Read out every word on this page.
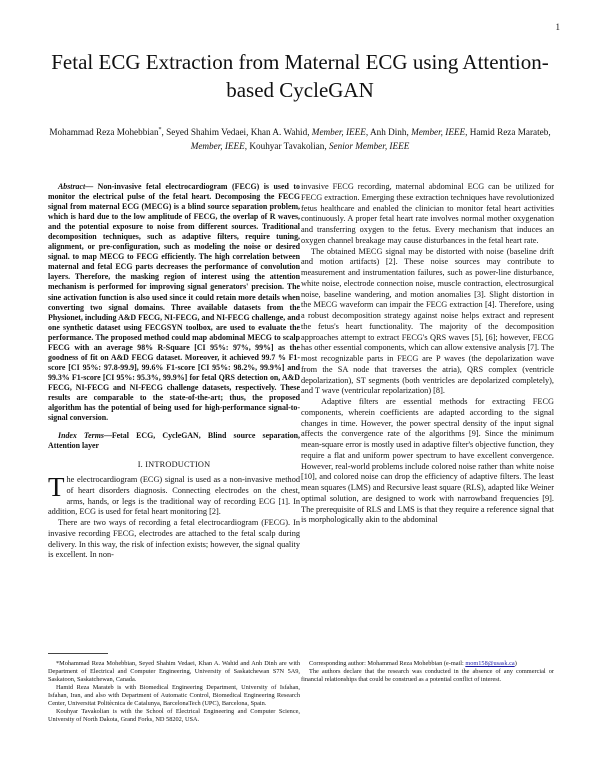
1
Fetal ECG Extraction from Maternal ECG using Attention-based CycleGAN
Mohammad Reza Mohebbian*, Seyed Shahim Vedaei, Khan A. Wahid, Member, IEEE, Anh Dinh, Member, IEEE, Hamid Reza Marateb, Member, IEEE, Kouhyar Tavakolian, Senior Member, IEEE

Abstract— Non-invasive fetal electrocardiogram (FECG) is used to monitor the electrical pulse of the fetal heart. Decomposing the FECG signal from maternal ECG (MECG) is a blind source separation problem, which is hard due to the low amplitude of FECG, the overlap of R waves, and the potential exposure to noise from different sources. Traditional decomposition techniques, such as adaptive filters, require tuning, alignment, or pre-configuration, such as modeling the noise or desired signal. to map MECG to FECG efficiently. The high correlation between maternal and fetal ECG parts decreases the performance of convolution layers. Therefore, the masking region of interest using the attention mechanism is performed for improving signal generators' precision. The sine activation function is also used since it could retain more details when converting two signal domains. Three available datasets from the Physionet, including A&D FECG, NI-FECG, and NI-FECG challenge, and one synthetic dataset using FECGSYN toolbox, are used to evaluate the performance. The proposed method could map abdominal MECG to scalp FECG with an average 98% R-Square [CI 95%: 97%, 99%] as the goodness of fit on A&D FECG dataset. Moreover, it achieved 99.7 % F1-score [CI 95%: 97.8-99.9], 99.6% F1-score [CI 95%: 98.2%, 99.9%] and 99.3% F1-score [CI 95%: 95.3%, 99.9%] for fetal QRS detection on, A&D FECG, NI-FECG and NI-FECG challenge datasets, respectively. These results are comparable to the state-of-the-art; thus, the proposed algorithm has the potential of being used for high-performance signal-to-signal conversion.

Index Terms—Fetal ECG, CycleGAN, Blind source separation, Attention layer

I. INTRODUCTION

The electrocardiogram (ECG) signal is used as a non-invasive method of heart disorders diagnosis. Connecting electrodes on the chest, arms, hands, or legs is the traditional way of recording ECG [1]. In addition, ECG is used for fetal heart monitoring [2].

There are two ways of recording a fetal electrocardiogram (FECG). In invasive recording FECG, electrodes are attached to the fetal scalp during delivery. In this way, the risk of infection exists; however, the signal quality is excellent. In non-

invasive FECG recording, maternal abdominal ECG can be utilized for FECG extraction. Emerging these extraction techniques have revolutionized fetus healthcare and enabled the clinician to monitor fetal heart activities continuously. A proper fetal heart rate involves normal mother oxygenation and transferring oxygen to the fetus. Every mechanism that induces an oxygen channel breakage may cause disturbances in the fetal heart rate.

The obtained MECG signal may be distorted with noise (baseline drift and motion artifacts) [2]. These noise sources may contribute to measurement and instrumentation failures, such as power-line disturbance, white noise, electrode connection noise, muscle contraction, electrosurgical noise, baseline wandering, and motion anomalies [3]. Slight distortion in the MECG waveform can impair the FECG extraction [4]. Therefore, using a robust decomposition strategy against noise helps extract and represent the fetus's heart functionality. The majority of the decomposition approaches attempt to extract FECG's QRS waves [5], [6]; however, FECG has other essential components, which can allow extensive analysis [7]. The most recognizable parts in FECG are P waves (the depolarization wave from the SA node that traverses the atria), QRS complex (ventricle depolarization), ST segments (both ventricles are depolarized completely), and T wave (ventricular repolarization) [8].

Adaptive filters are essential methods for extracting FECG components, wherein coefficients are adapted according to the signal changes in time. However, the power spectral density of the input signal affects the convergence rate of the algorithms [9]. Since the minimum mean-square error is mostly used in adaptive filter's objective function, they require a flat and uniform power spectrum to have excellent convergence. However, real-world problems include colored noise rather than white noise [10], and colored noise can drop the efficiency of adaptive filters. The least mean squares (LMS) and Recursive least square (RLS), adapted like Weiner optimal solution, are designed to work with narrowband frequencies [9]. The prerequisite of RLS and LMS is that they require a reference signal that is morphologically akin to the abdominal

*Mohammad Reza Mohebbian, Seyed Shahim Vedaei, Khan A. Wahid and Anh Dinh are with Department of Electrical and Computer Engineering, University of Saskatchewan S7N 5A9, Saskatoon, Saskatchewan, Canada.

Hamid Reza Marateb is with Biomedical Engineering Department, University of Isfahan, Isfahan, Iran, and also with Department of Automatic Control, Biomedical Engineering Research Center, Universitat Politècnica de Catalunya, BarcelonaTech (UPC), Barcelona, Spain.

Kouhyar Tavakolian is with the School of Electrical Engineering and Computer Science, University of North Dakota, Grand Forks, ND 58202, USA.

Corresponding author: Mohammad Reza Mohebbian (e-mail: mom158@usask.ca)

The authors declare that the research was conducted in the absence of any commercial or financial relationships that could be construed as a potential conflict of interest.
